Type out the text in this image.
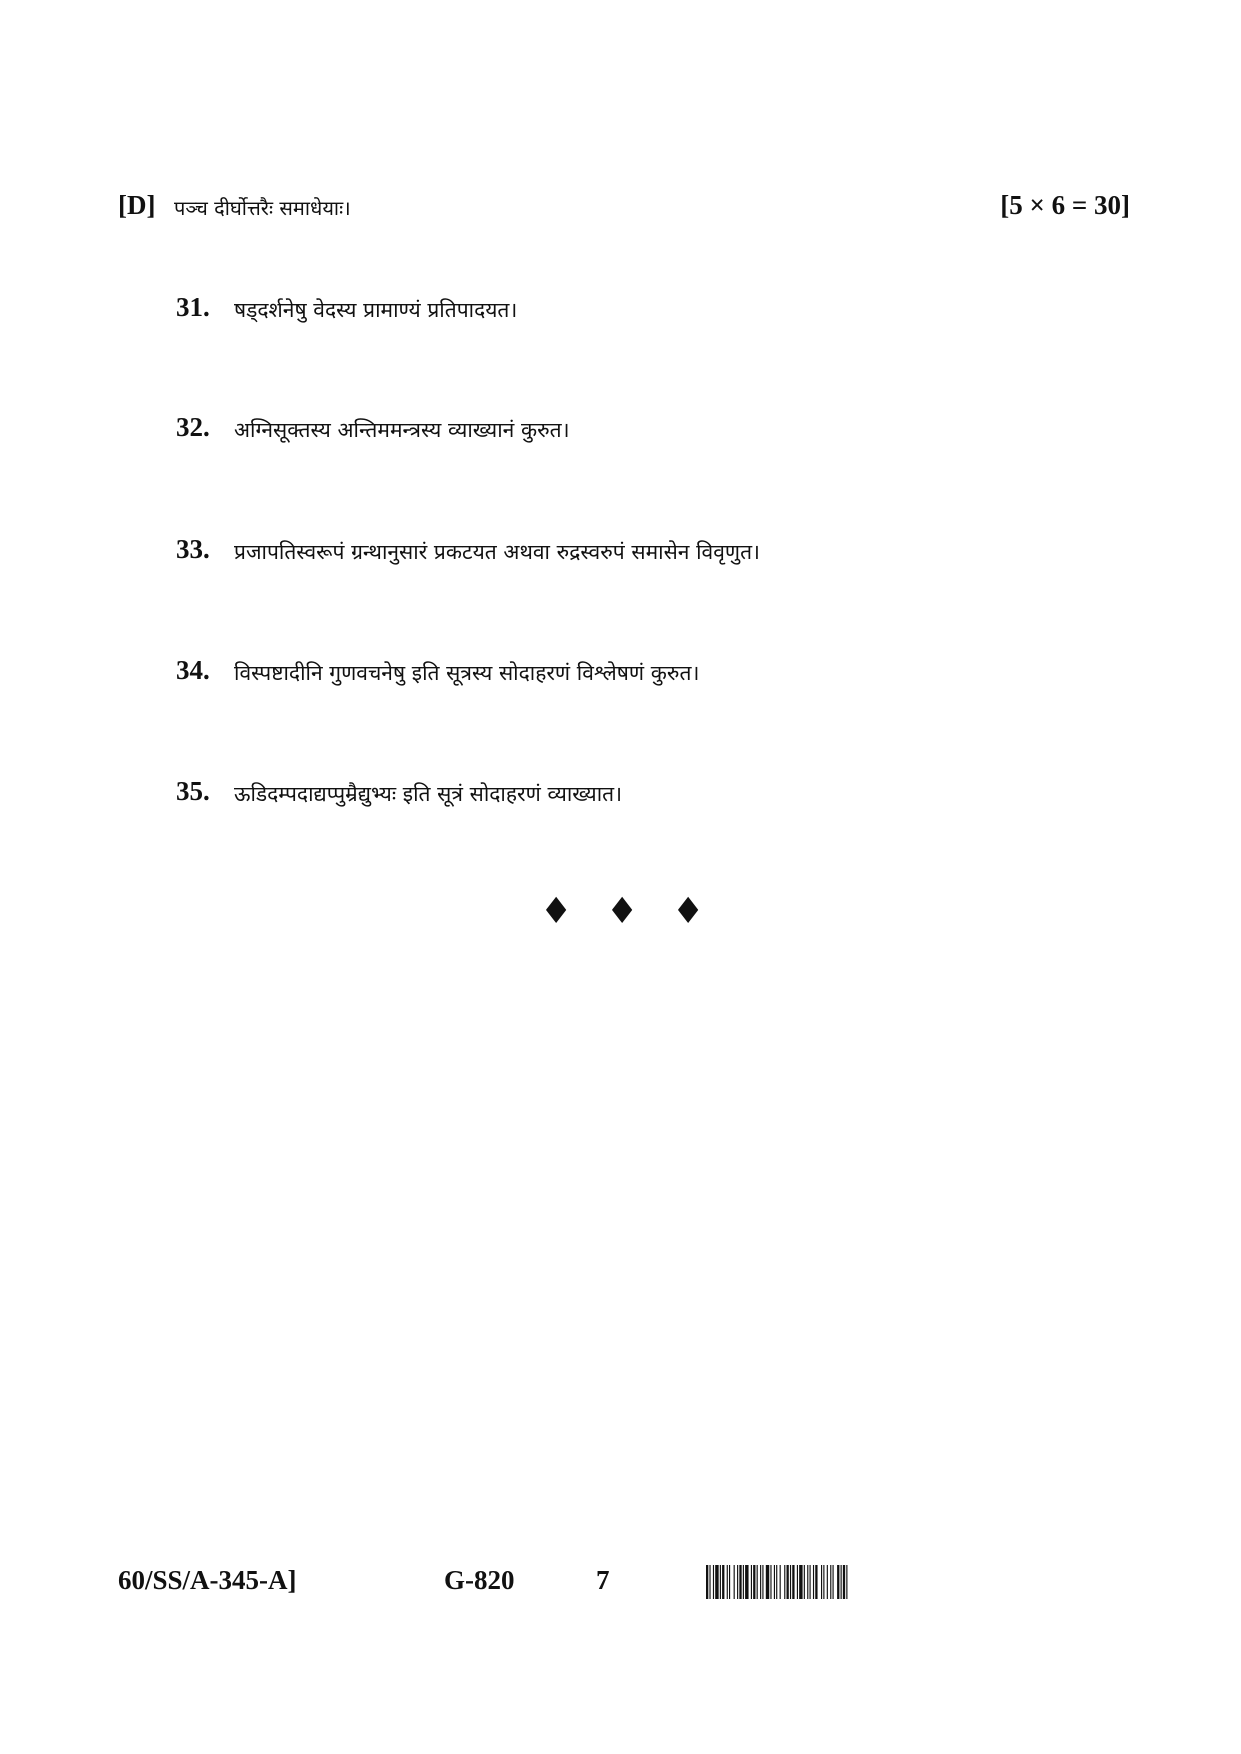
[D] पञ्च दीर्घोत्तरैः समाधेयाः।	[5 × 6 = 30]
31. षड्दर्शनेषु वेदस्य प्रामाण्यं प्रतिपादयत।
32. अग्निसूक्तस्य अन्तिममन्त्रस्य व्याख्यानं कुरुत।
33. प्रजापतिस्वरूपं ग्रन्थानुसारं प्रकटयत अथवा रुद्रस्वरुपं समासेन विवृणुत।
34. विस्पष्टादीनि गुणवचनेषु इति सूत्रस्य सोदाहरणं विश्लेषणं कुरुत।
35. ऊडिदम्पदाद्यप्पुम्रैद्युभ्यः इति सूत्रं सोदाहरणं व्याख्यात।
♦ ♦ ♦
60/SS/A-345-A]	G-820	7
